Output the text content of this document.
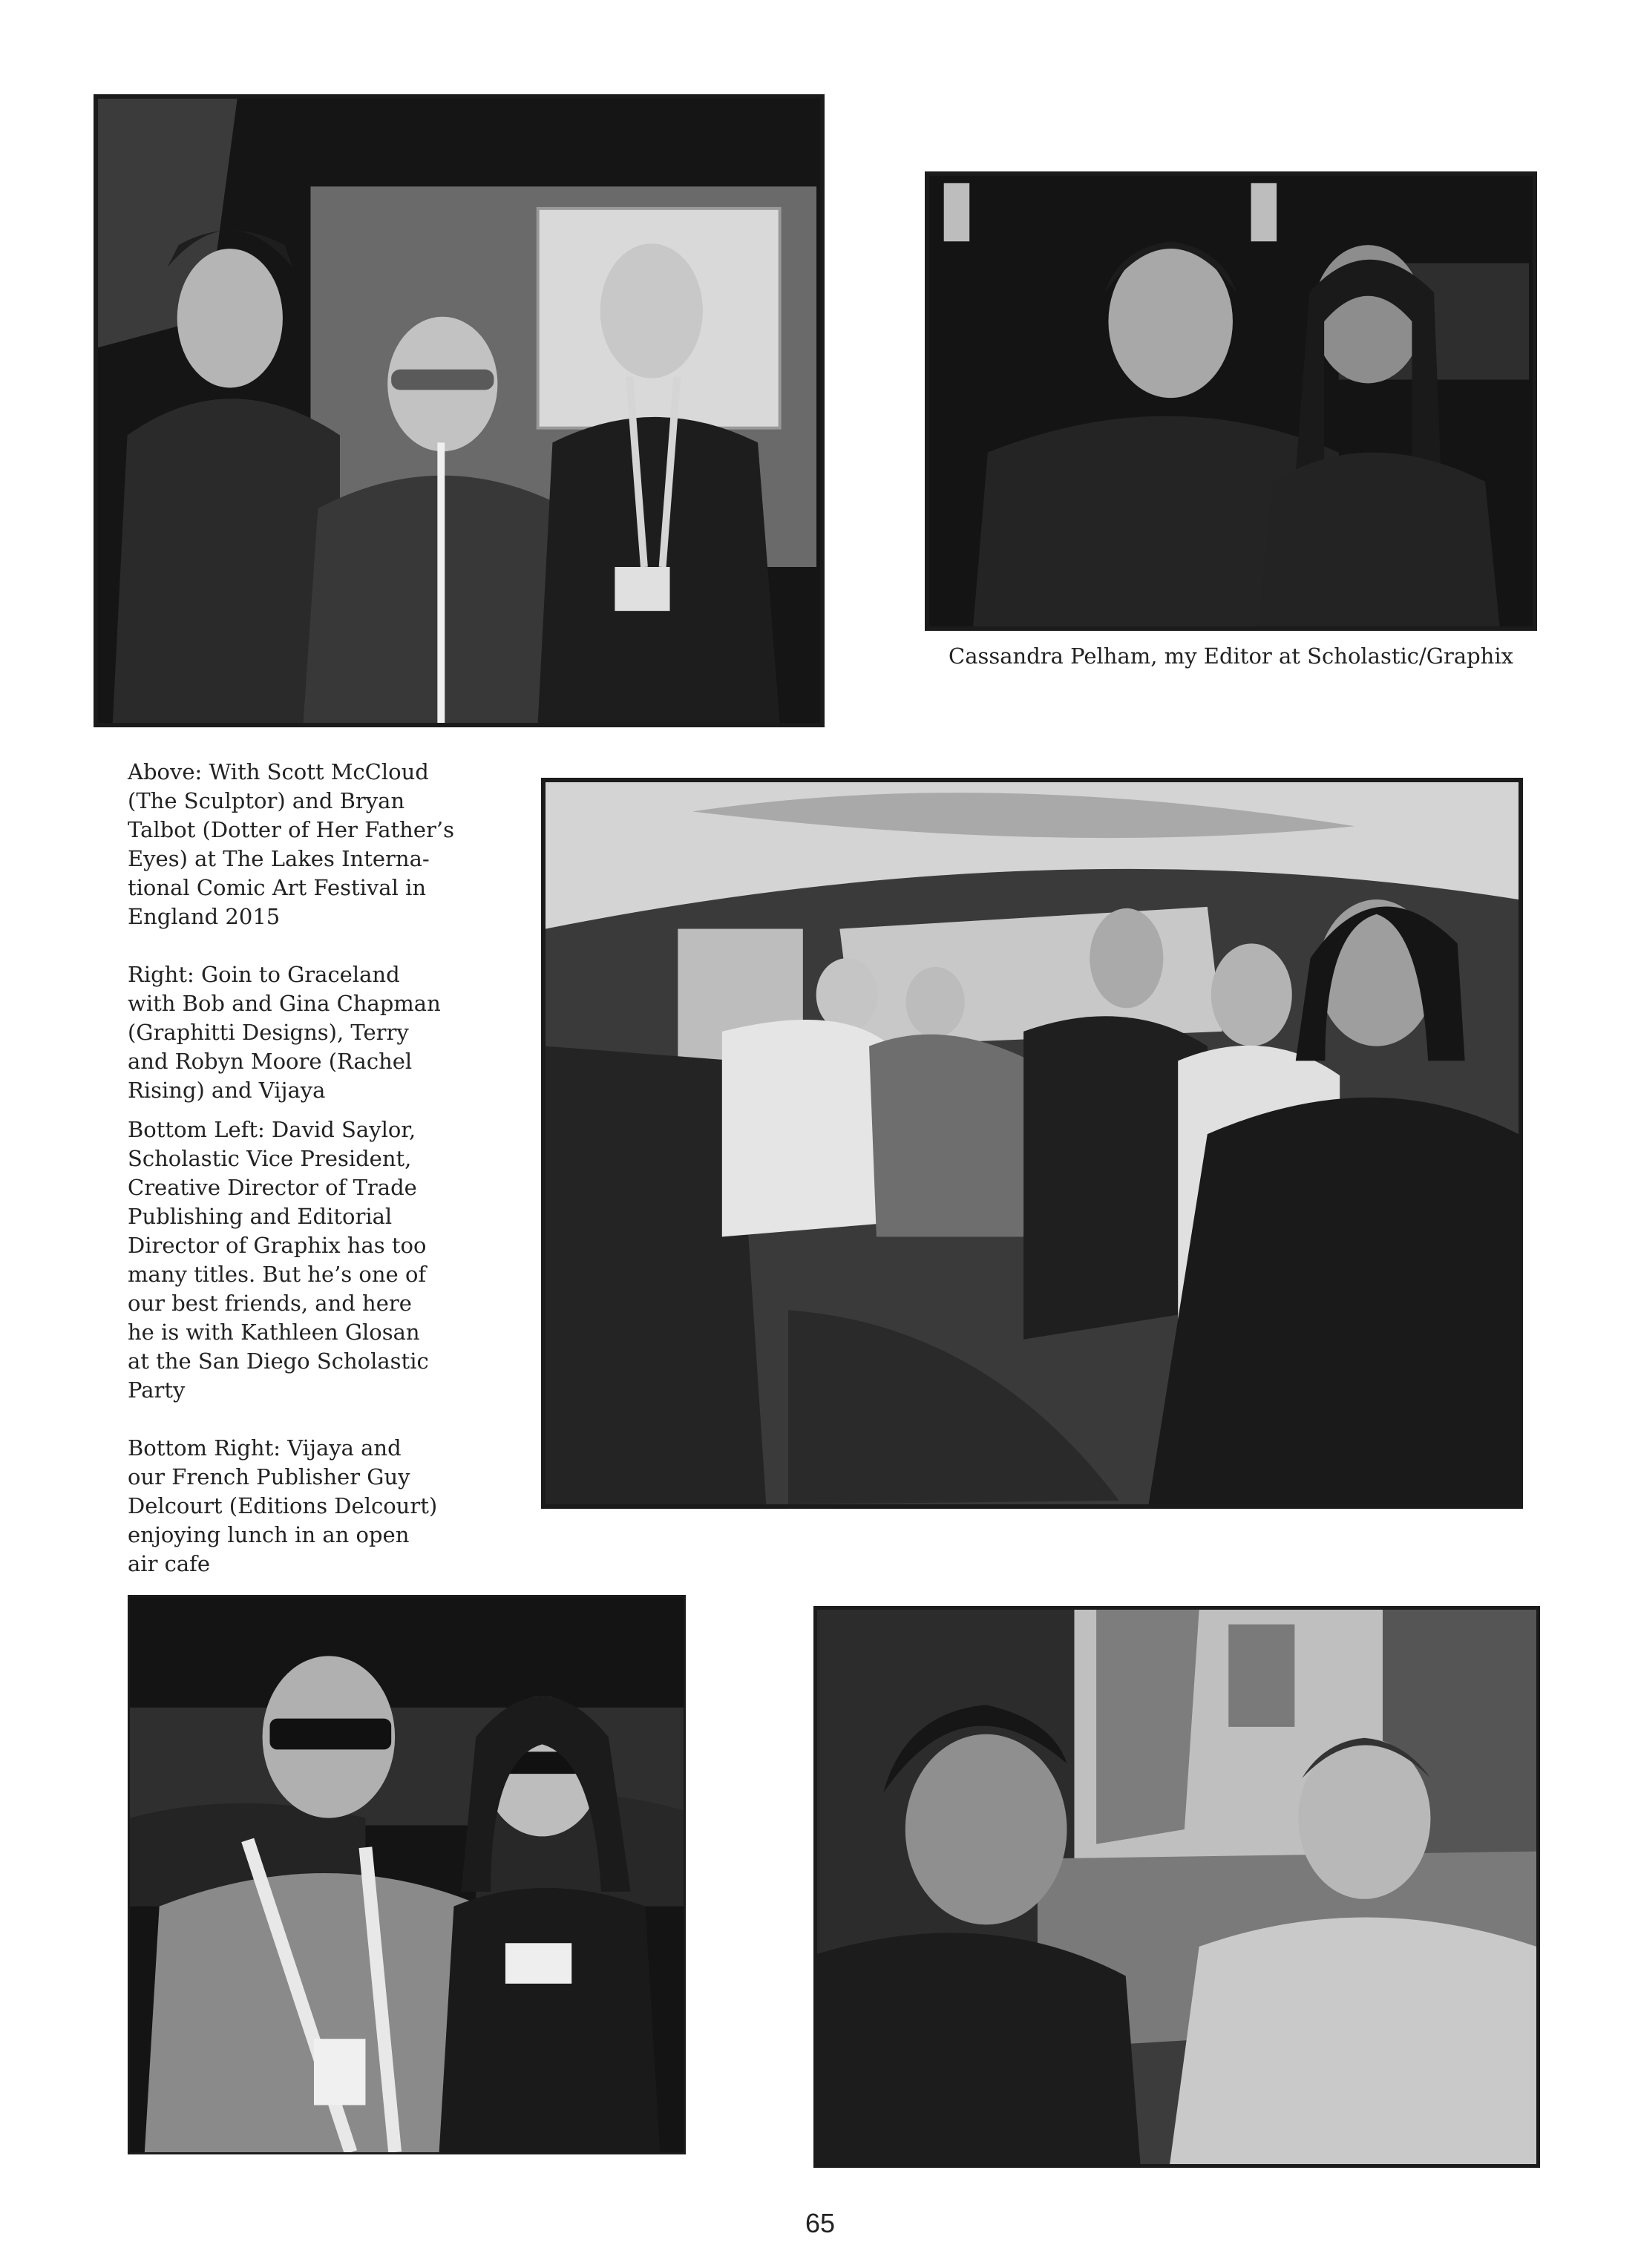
Cassandra Pelham, my Editor at Scholastic/Graphix

Above: With Scott McCloud

(The Sculptor) and Bryan

Talbot (Dotter of Her Father’s

Eyes) at The Lakes Interna-

tional Comic Art Festival in

England 2015

Right: Goin to Graceland

with Bob and Gina Chapman

(Graphitti Designs), Terry

and Robyn Moore (Rachel

Rising) and Vijaya

Bottom Left: David Saylor,

Scholastic Vice President,

Creative Director of Trade

Publishing and Editorial

Director of Graphix has too

many titles. But he’s one of

our best friends, and here

he is with Kathleen Glosan

at the San Diego Scholastic

Party

Bottom Right: Vijaya and

our French Publisher Guy

Delcourt (Editions Delcourt)

enjoying lunch in an open

air cafe

65
